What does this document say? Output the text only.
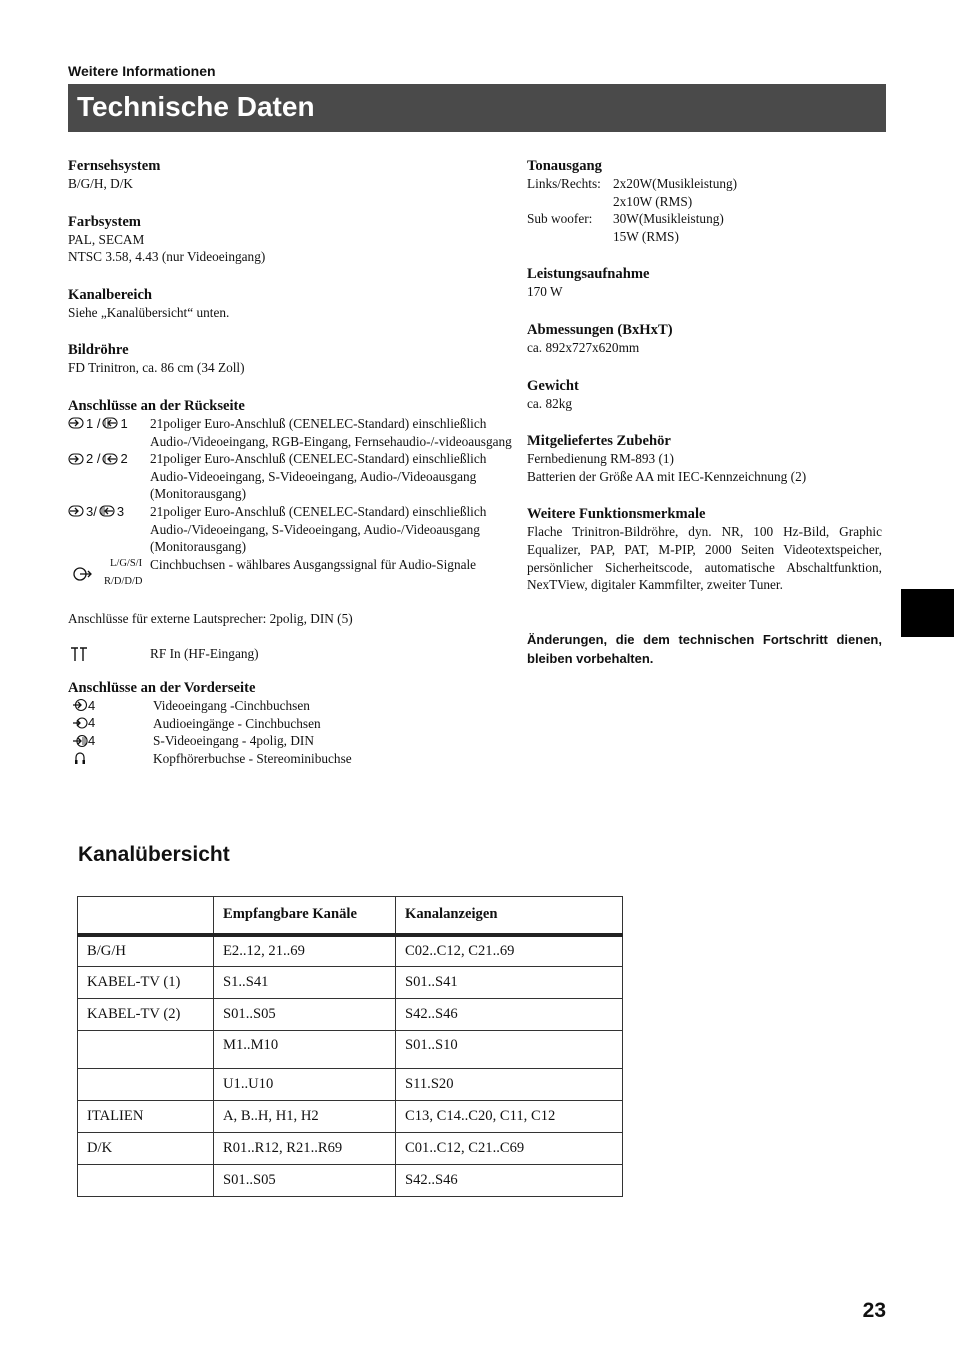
Weitere Informationen
Technische Daten
Fernsehsystem
B/G/H, D/K
Farbsystem
PAL, SECAM
NTSC 3.58, 4.43 (nur Videoeingang)
Kanalbereich
Siehe „Kanalübersicht“ unten.
Bildröhre
FD Trinitron, ca. 86 cm (34 Zoll)
Anschlüsse an der Rückseite
1 / 1 21poliger Euro-Anschluß (CENELEC-Standard) einschließlich Audio-/Videoeingang, RGB-Eingang, Fernsehaudio-/-videoausgang
2 / 2 21poliger Euro-Anschluß (CENELEC-Standard) einschließlich Audio-Videoeingang, S-Videoeingang, Audio-/Videoausgang (Monitorausgang)
3/ 3 21poliger Euro-Anschluß (CENELEC-Standard) einschließlich Audio-/Videoeingang, S-Videoeingang, Audio-/Videoausgang (Monitorausgang)
L/G/S/I
R/D/D/D
Cinchbuchsen - wählbares Ausgangssignal für Audio-Signale
Anschlüsse für externe Lautsprecher: 2polig, DIN (5)
RF In (HF-Eingang)
Anschlüsse an der Vorderseite
4	Videoeingang -Cinchbuchsen
4	Audioeingänge - Cinchbuchsen
4	S-Videoeingang - 4polig, DIN
Kopfhörerbuchse - Stereominibuchse
Tonausgang
Links/Rechts: 2x20W(Musikleistung)
2x10W (RMS)
Sub woofer:	30W(Musikleistung)
15W (RMS)
Leistungsaufnahme
170 W
Abmessungen (BxHxT)
ca. 892x727x620mm
Gewicht
ca. 82kg
Mitgeliefertes Zubehör
Fernbedienung RM-893 (1)
Batterien der Größe AA mit IEC-Kennzeichnung (2)
Weitere Funktionsmerkmale
Flache Trinitron-Bildröhre, dyn. NR, 100 Hz-Bild, Graphic Equalizer, PAP, PAT, M-PIP, 2000 Seiten Videotextspeicher, persönlicher Sicherheitscode, automatische Abschaltfunktion, NexTView, digitaler Kammfilter, zweiter Tuner.
Änderungen, die dem technischen Fortschritt dienen, bleiben vorbehalten.
Kanalübersicht
	Empfangbare Kanäle	Kanalanzeigen
B/G/H	E2..12, 21..69	C02..C12, C21..69
KABEL-TV (1)	S1..S41	S01..S41
KABEL-TV (2)	S01..S05	S42..S46
	M1..M10	S01..S10
	U1..U10	S11.S20
ITALIEN	A, B..H, H1, H2	C13, C14..C20, C11, C12
D/K	R01..R12, R21..R69	C01..C12, C21..C69
	S01..S05	S42..S46
23
